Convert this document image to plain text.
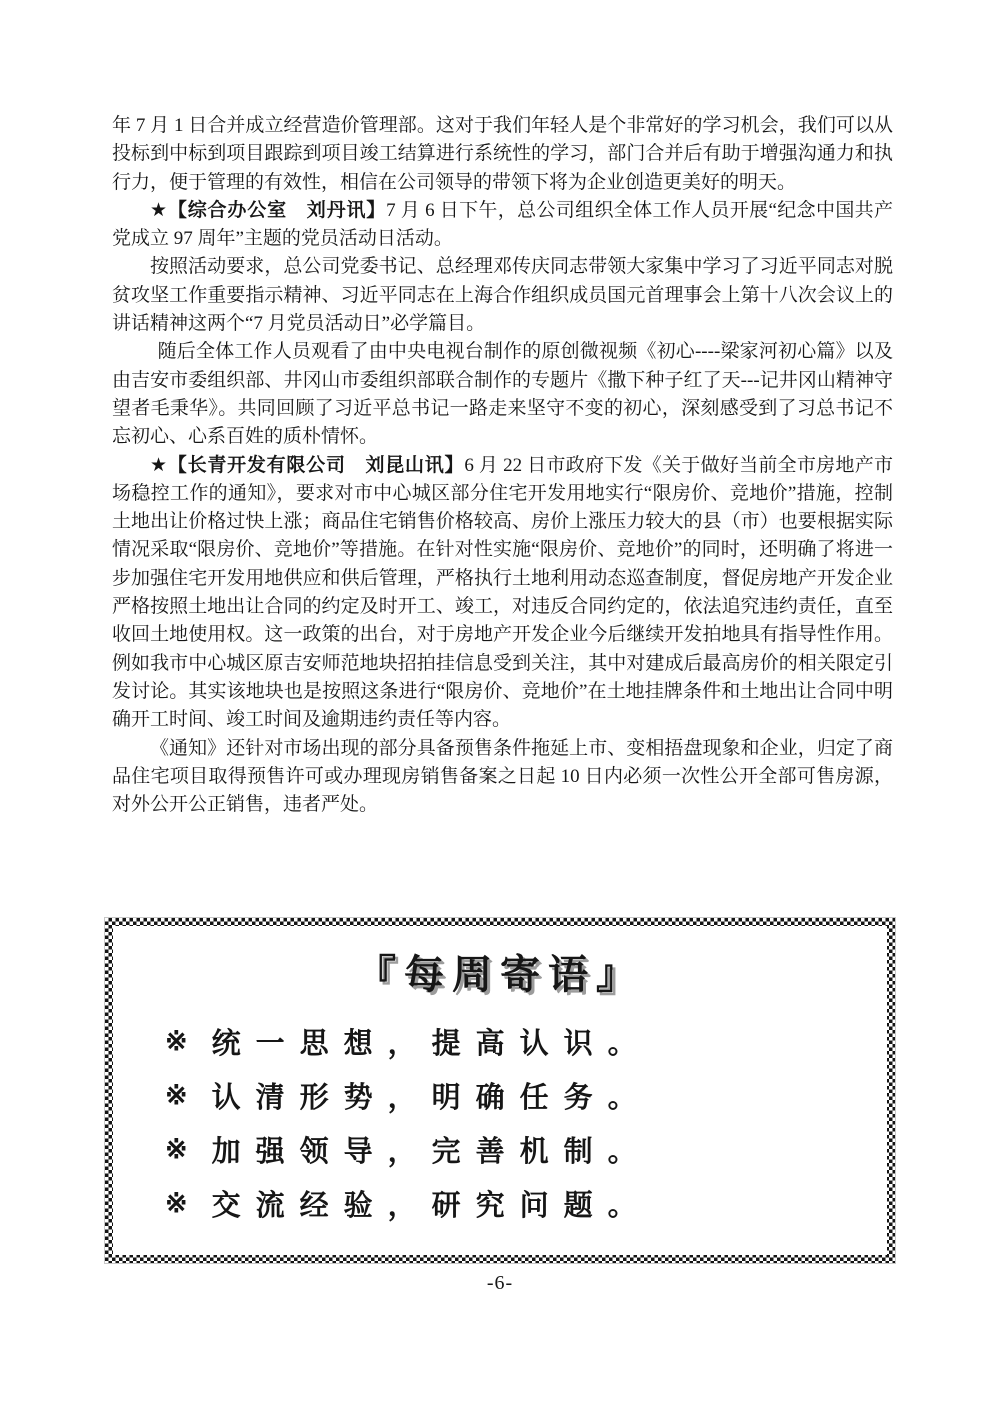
年 7 月 1 日合并成立经营造价管理部。这对于我们年轻人是个非常好的学习机会，我们可以从投标到中标到项目跟踪到项目竣工结算进行系统性的学习，部门合并后有助于增强沟通力和执行力，便于管理的有效性，相信在公司领导的带领下将为企业创造更美好的明天。

★【综合办公室　刘丹讯】7 月 6 日下午，总公司组织全体工作人员开展“纪念中国共产党成立 97 周年”主题的党员活动日活动。

按照活动要求，总公司党委书记、总经理邓传庆同志带领大家集中学习了习近平同志对脱贫攻坚工作重要指示精神、习近平同志在上海合作组织成员国元首理事会上第十八次会议上的讲话精神这两个“7 月党员活动日”必学篇目。

随后全体工作人员观看了由中央电视台制作的原创微视频《初心----梁家河初心篇》以及由吉安市委组织部、井冈山市委组织部联合制作的专题片《撒下种子红了天---记井冈山精神守望者毛秉华》。共同回顾了习近平总书记一路走来坚守不变的初心，深刻感受到了习总书记不忘初心、心系百姓的质朴情怀。

★【长青开发有限公司　刘昆山讯】6 月 22 日市政府下发《关于做好当前全市房地产市场稳控工作的通知》，要求对市中心城区部分住宅开发用地实行“限房价、竞地价”措施，控制土地出让价格过快上涨；商品住宅销售价格较高、房价上涨压力较大的县（市）也要根据实际情况采取“限房价、竞地价”等措施。在针对性实施“限房价、竞地价”的同时，还明确了将进一步加强住宅开发用地供应和供后管理，严格执行土地利用动态巡查制度，督促房地产开发企业严格按照土地出让合同的约定及时开工、竣工，对违反合同约定的，依法追究违约责任，直至收回土地使用权。这一政策的出台，对于房地产开发企业今后继续开发拍地具有指导性作用。例如我市中心城区原吉安师范地块招拍挂信息受到关注，其中对建成后最高房价的相关限定引发讨论。其实该地块也是按照这条进行“限房价、竞地价”在土地挂牌条件和土地出让合同中明确开工时间、竣工时间及逾期违约责任等内容。

《通知》还针对市场出现的部分具备预售条件拖延上市、变相捂盘现象和企业，归定了商品住宅项目取得预售许可或办理现房销售备案之日起 10 日内必须一次性公开全部可售房源，对外公开公正销售，违者严处。

『每周寄语』
※ 统一思想，提高认识。
※ 认清形势，明确任务。
※ 加强领导，完善机制。
※ 交流经验，研究问题。
-6-
